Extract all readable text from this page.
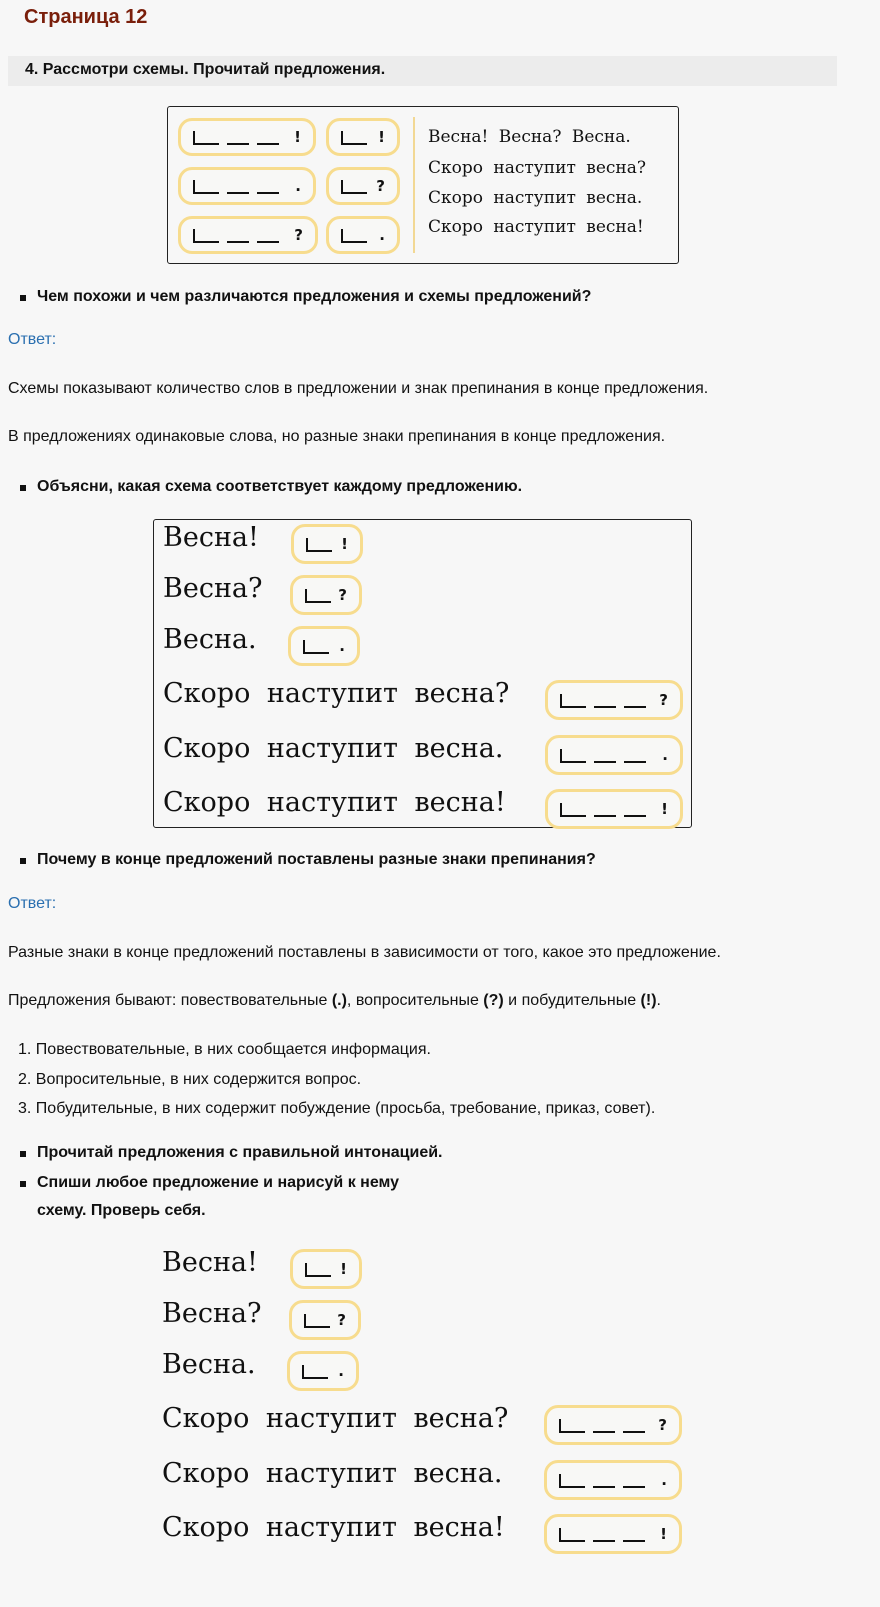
Страница 12
4. Рассмотри схемы. Прочитай предложения.
!	!
.	?
?	.
Весна! Весна? Весна.
Скоро наступит весна?
Скоро наступит весна.
Скоро наступит весна!
Чем похожи и чем различаются предложения и схемы предложений?
Ответ:
Схемы показывают количество слов в предложении и знак препинания в конце предложения.
В предложениях одинаковые слова, но разные знаки препинания в конце предложения.
Объясни, какая схема соответствует каждому предложению.
Весна!	!
Весна?	?
Весна.	.
Скоро наступит весна?	?
Скоро наступит весна.	.
Скоро наступит весна!	!
Почему в конце предложений поставлены разные знаки препинания?
Ответ:
Разные знаки в конце предложений поставлены в зависимости от того, какое это предложение.
Предложения бывают: повествовательные (.), вопросительные (?) и побудительные (!).
1. Повествовательные, в них сообщается информация.
2. Вопросительные, в них содержится вопрос.
3. Побудительные, в них содержит побуждение (просьба, требование, приказ, совет).
Прочитай предложения с правильной интонацией.
Спиши любое предложение и нарисуй к нему
схему. Проверь себя.
Весна!	!
Весна?	?
Весна.	.
Скоро наступит весна?	?
Скоро наступит весна.	.
Скоро наступит весна!	!
